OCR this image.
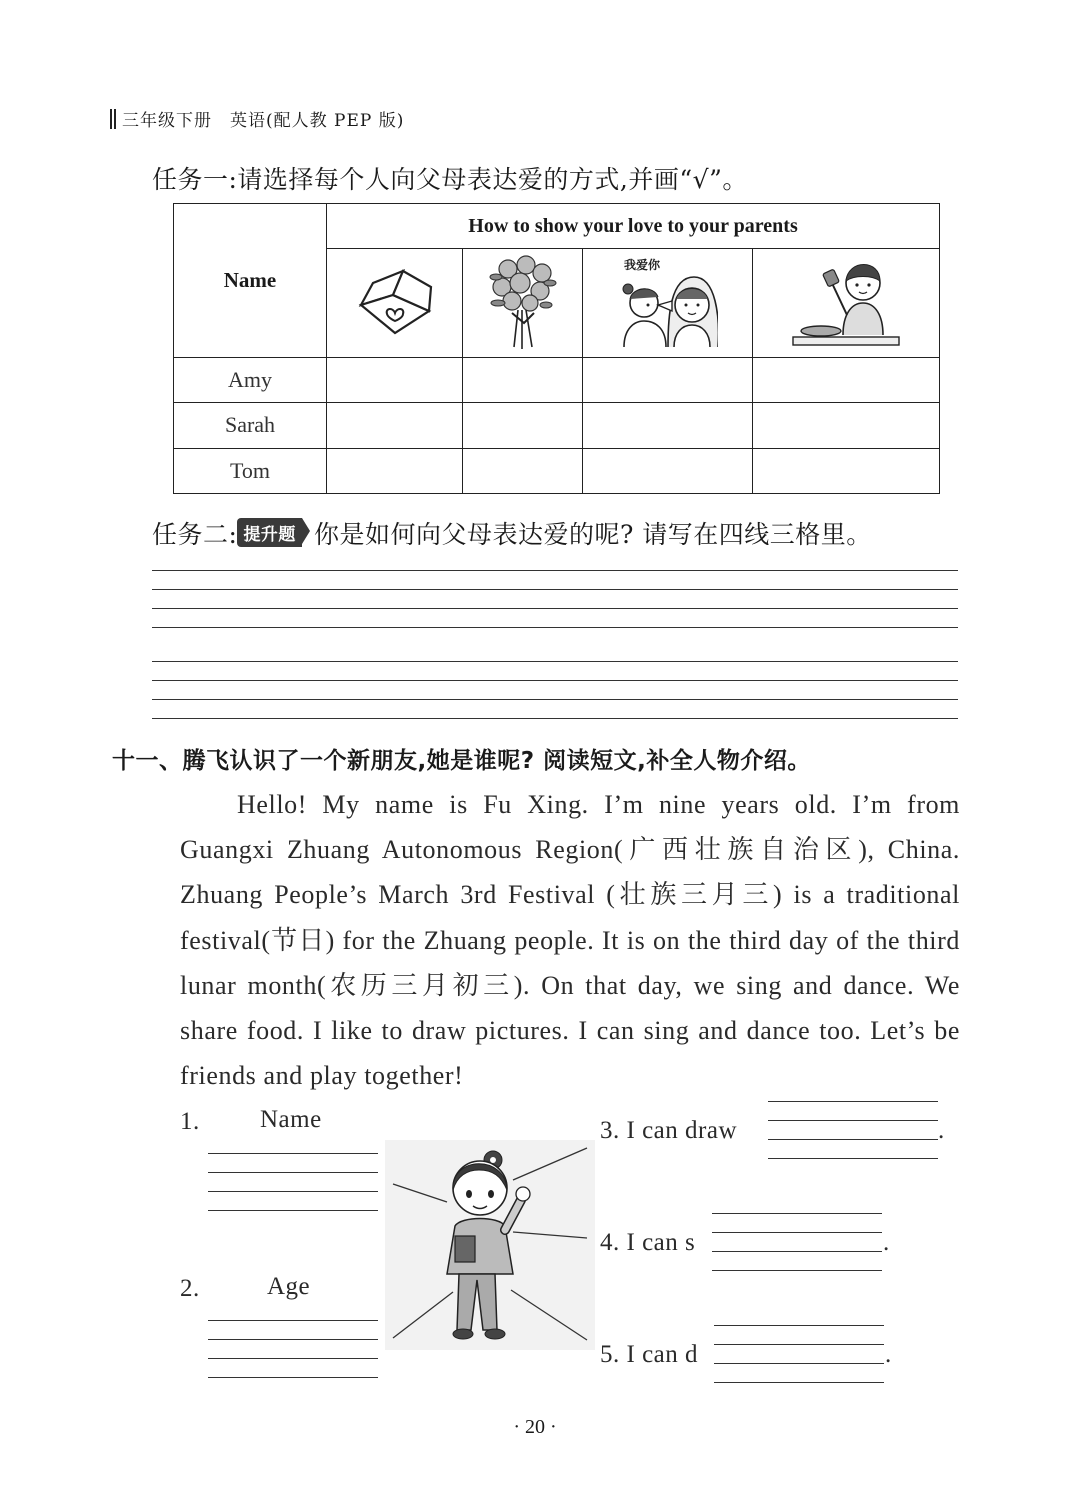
三年级下册　英语(配人教 PEP 版)
任务一:请选择每个人向父母表达爱的方式,并画“√”。
Name	How to show your love to your parents			

我爱你

Amy				
Sarah				
Tom				
任务二: 提升题 你是如何向父母表达爱的呢? 请写在四线三格里。
十一、腾飞认识了一个新朋友,她是谁呢? 阅读短文,补全人物介绍。

Hello! My name is Fu Xing. I’m nine years old. I’m from Guangxi Zhuang Autonomous Region(广西壮族自治区), China. Zhuang People’s March 3rd Festival (壮族三月三) is a traditional festival(节日) for the Zhuang people. It is on the third day of the third lunar month(农历三月初三). On that day, we sing and dance. We share food. I like to draw pictures. I can sing and dance too. Let’s be friends and play together!

1. Name
2.	Age
3. I can draw	.
4. I can s	.
5. I can d	.
· 20 ·
